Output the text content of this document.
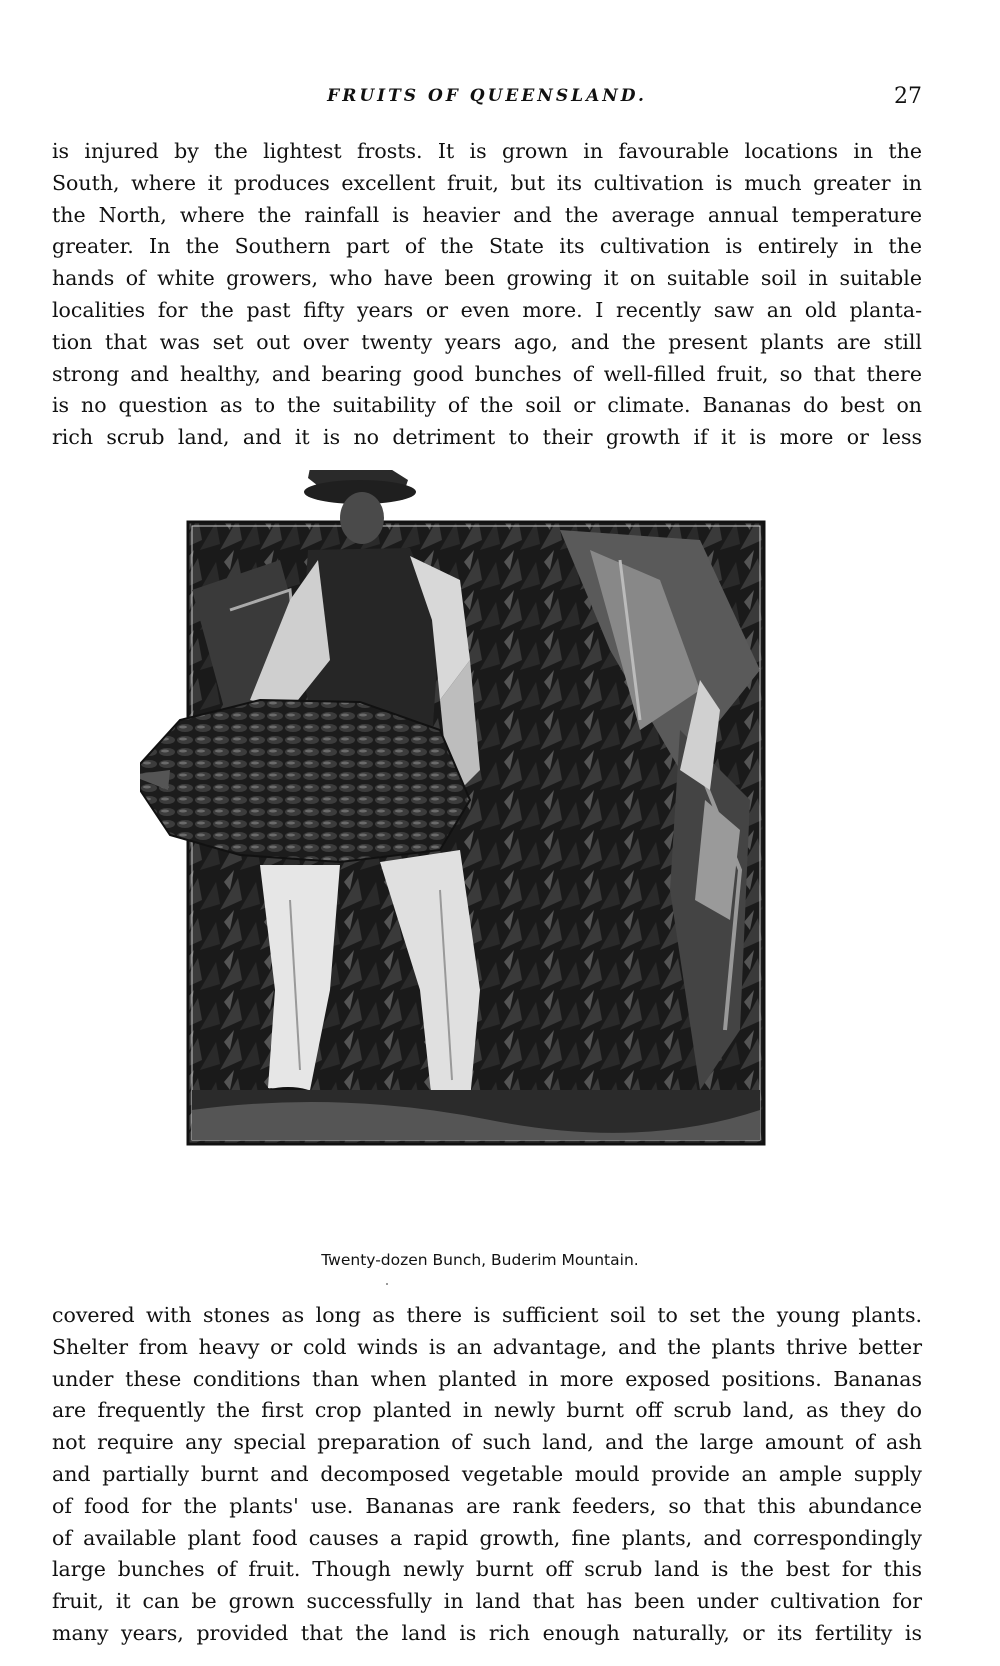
FRUITS OF QUEENSLAND.	27
is injured by the lightest frosts. It is grown in favourable locations in the
South, where it produces excellent fruit, but its cultivation is much greater in
the North, where the rainfall is heavier and the average annual temperature
greater. In the Southern part of the State its cultivation is entirely in the
hands of white growers, who have been growing it on suitable soil in suitable
localities for the past fifty years or even more. I recently saw an old planta-
tion that was set out over twenty years ago, and the present plants are still
strong and healthy, and bearing good bunches of well-filled fruit, so that there
is no question as to the suitability of the soil or climate. Bananas do best on
rich scrub land, and it is no detriment to their growth if it is more or less
Twenty-dozen Bunch, Buderim Mountain.
covered with stones as long as there is sufficient soil to set the young plants.
Shelter from heavy or cold winds is an advantage, and the plants thrive better
under these conditions than when planted in more exposed positions. Bananas
are frequently the first crop planted in newly burnt off scrub land, as they do
not require any special preparation of such land, and the large amount of ash
and partially burnt and decomposed vegetable mould provide an ample supply
of food for the plants' use. Bananas are rank feeders, so that this abundance
of available plant food causes a rapid growth, fine plants, and correspondingly
large bunches of fruit. Though newly burnt off scrub land is the best for this
fruit, it can be grown successfully in land that has been under cultivation for
many years, provided that the land is rich enough naturally, or its fertility is
